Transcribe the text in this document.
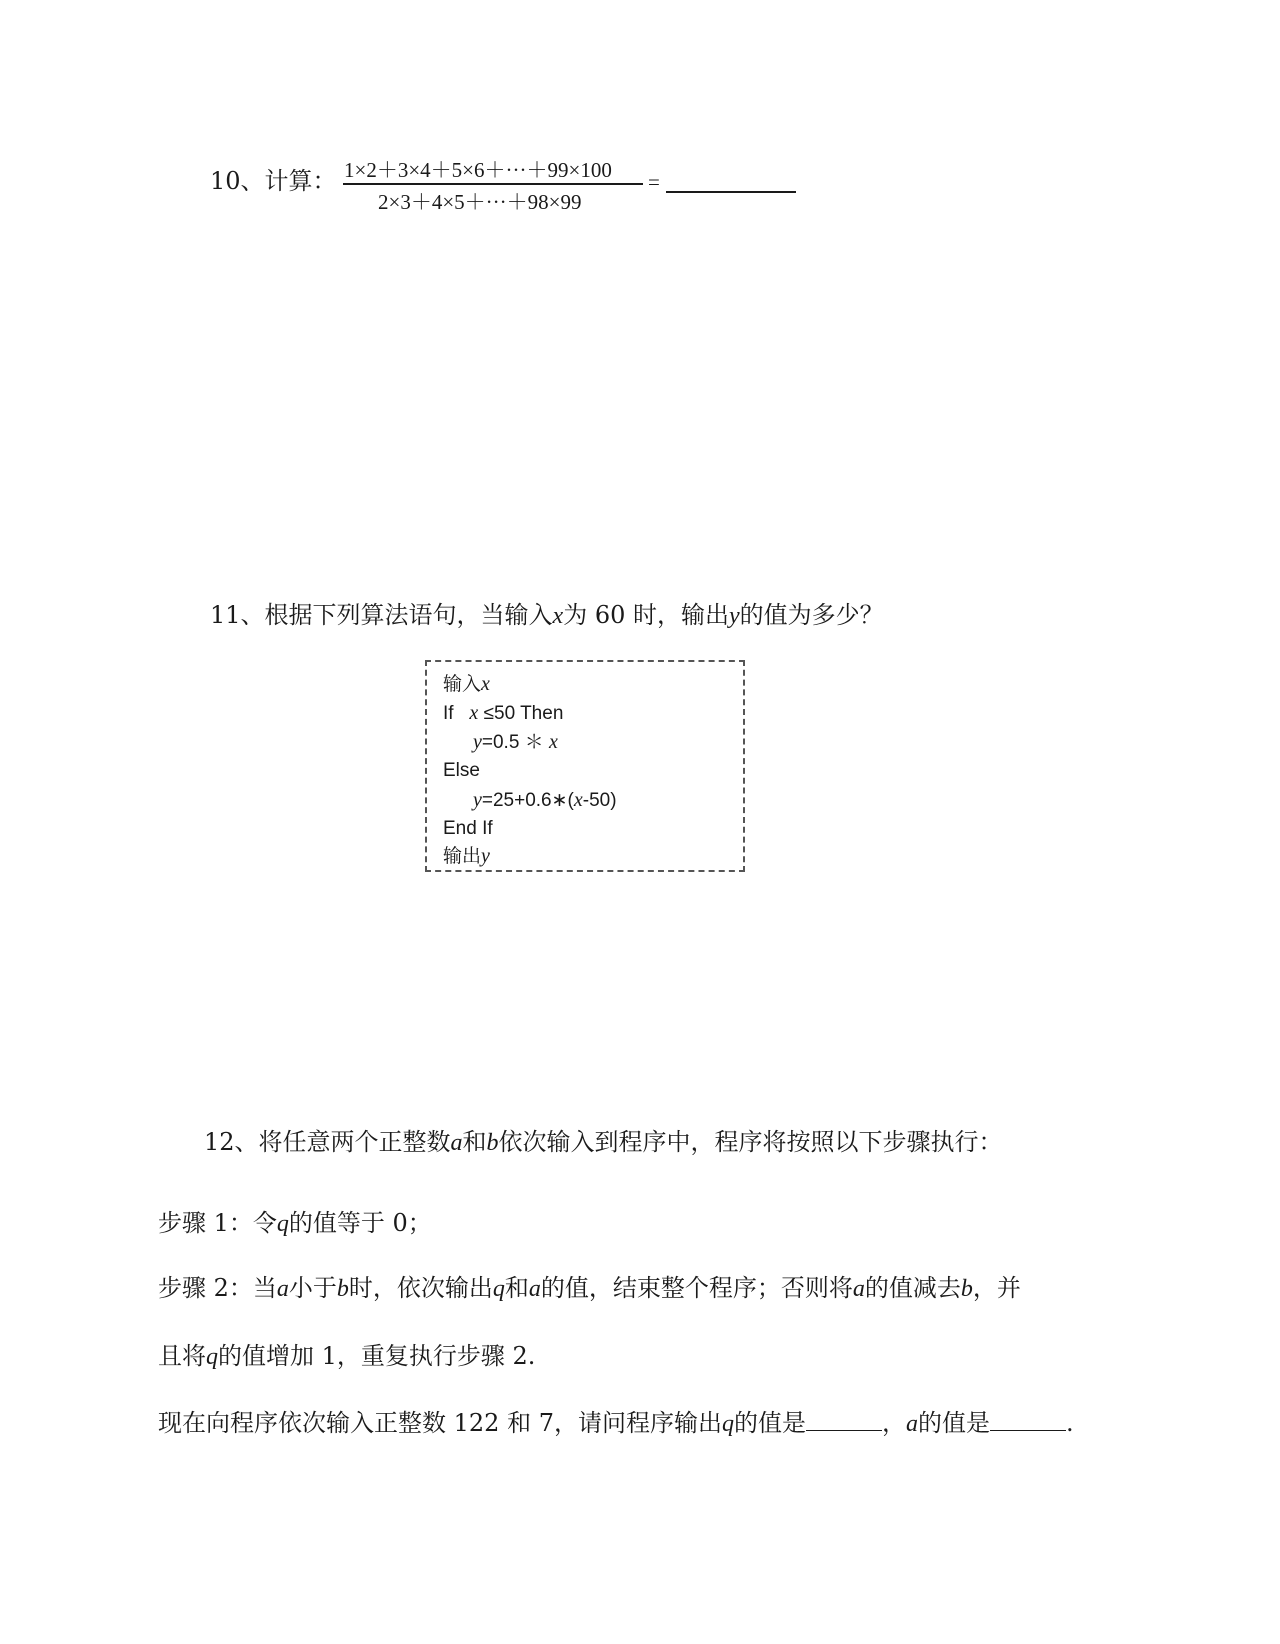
10、计算： 1×2＋3×4＋5×6＋···＋99×100
2×3＋4×5＋···＋98×99
=
11、根据下列算法语句，当输入x为 60 时，输出y的值为多少？
输入x
If x ≤50 Then
y=0.5 ＊ x
Else
y=25+0.6∗(x-50)
End If
输出y
12、将任意两个正整数a和b依次输入到程序中，程序将按照以下步骤执行：
步骤 1：令q的值等于 0；
步骤 2：当a小于b时，依次输出q和a的值，结束整个程序；否则将a的值减去b，并
且将q的值增加 1，重复执行步骤 2.
现在向程序依次输入正整数 122 和 7，请问程序输出q的值是	，a的值是	.
